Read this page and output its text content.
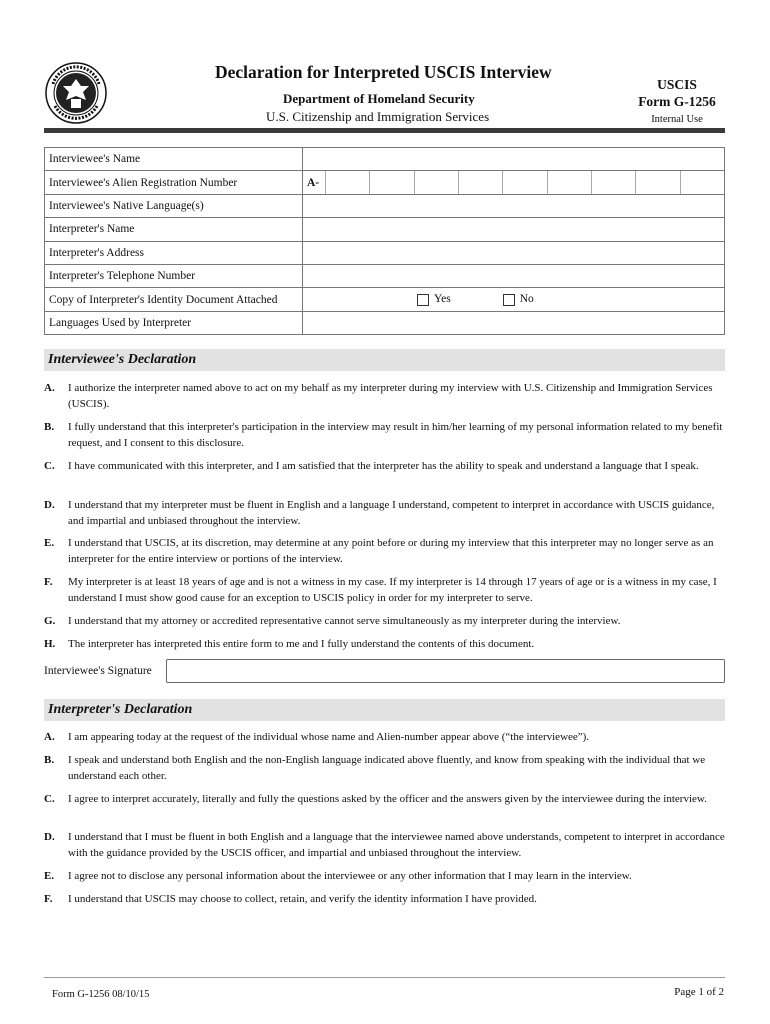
Declaration for Interpreted USCIS Interview
Department of Homeland Security
U.S. Citizenship and Immigration Services
USCIS
Form G-1256
Internal Use
Interviewee's Name	
Interviewee's Alien Registration Number	A-

Interviewee's Native Language(s)	
Interpreter's Name	
Interpreter's Address	
Interpreter's Telephone Number	
Copy of Interpreter's Identity Document Attached	Yes No

Languages Used by Interpreter	
Interviewee's Declaration
A.	I authorize the interpreter named above to act on my behalf as my interpreter during my interview with U.S. Citizenship and Immigration Services (USCIS).
B.	I fully understand that this interpreter's participation in the interview may result in him/her learning of my personal information related to my benefit request, and I consent to this disclosure.
C.	I have communicated with this interpreter, and I am satisfied that the interpreter has the ability to speak and understand a language that I speak.
D.	I understand that my interpreter must be fluent in English and a language I understand, competent to interpret in accordance with USCIS guidance, and impartial and unbiased throughout the interview.
E.	I understand that USCIS, at its discretion, may determine at any point before or during my interview that this interpreter may no longer serve as an interpreter for the entire interview or portions of the interview.
F.	My interpreter is at least 18 years of age and is not a witness in my case. If my interpreter is 14 through 17 years of age or is a witness in my case, I understand I must show good cause for an exception to USCIS policy in order for my interpreter to serve.
G.	I understand that my attorney or accredited representative cannot serve simultaneously as my interpreter during the interview.
H.	The interpreter has interpreted this entire form to me and I fully understand the contents of this document.
Interviewee's Signature
Interpreter's Declaration
A.	I am appearing today at the request of the individual whose name and Alien-number appear above (“the interviewee”).
B.	I speak and understand both English and the non-English language indicated above fluently, and know from speaking with the individual that we understand each other.
C.	I agree to interpret accurately, literally and fully the questions asked by the officer and the answers given by the interviewee during the interview.
D.	I understand that I must be fluent in both English and a language that the interviewee named above understands, competent to interpret in accordance with the guidance provided by the USCIS officer, and impartial and unbiased throughout the interview.
E.	I agree not to disclose any personal information about the interviewee or any other information that I may learn in the interview.
F.	I understand that USCIS may choose to collect, retain, and verify the identity information I have provided.
Form G-1256 08/10/15	Page 1 of 2
